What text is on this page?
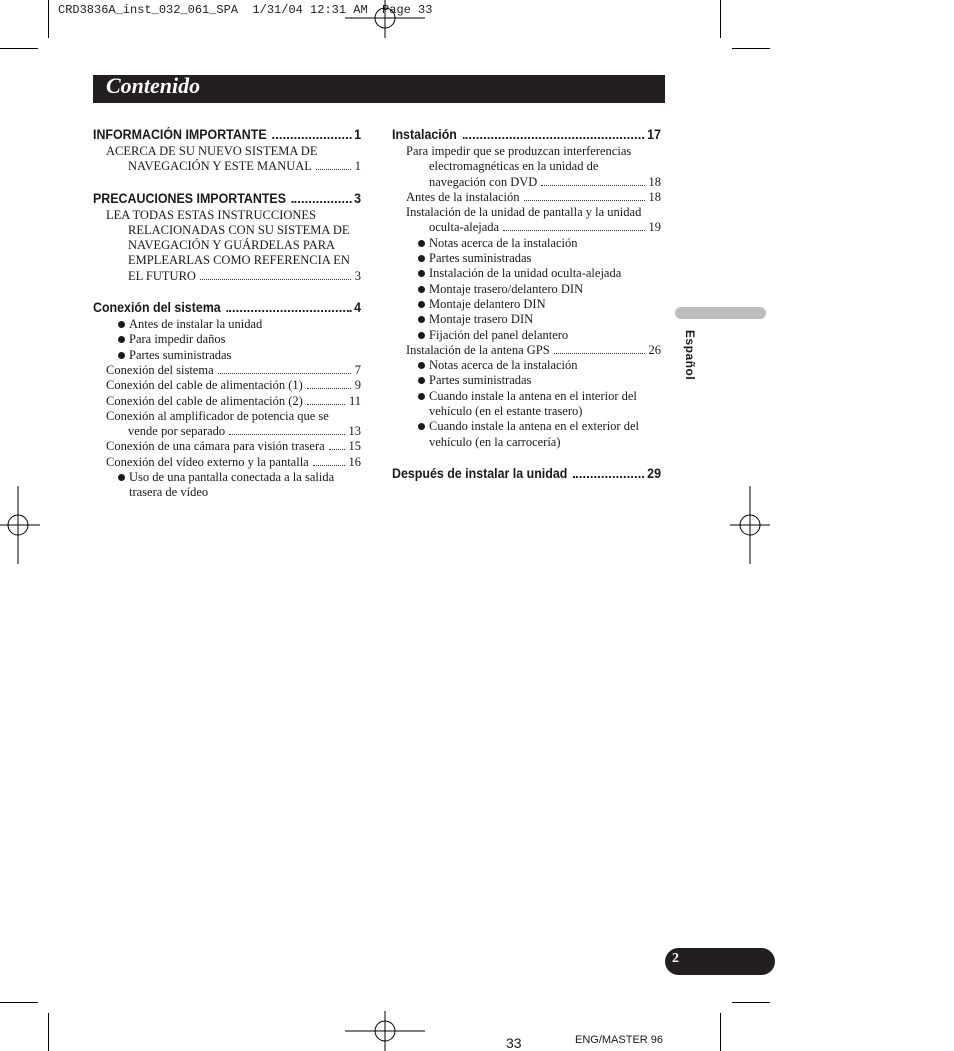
CRD3836A_inst_032_061_SPA  1/31/04 12:31 AM  Page 33
Contenido
INFORMACIÓN IMPORTANTE	1
ACERCA DE SU NUEVO SISTEMA DE
NAVEGACIÓN Y ESTE MANUAL	1
PRECAUCIONES IMPORTANTES	3
LEA TODAS ESTAS INSTRUCCIONES
RELACIONADAS CON SU SISTEMA DE
NAVEGACIÓN Y GUÁRDELAS PARA
EMPLEARLAS COMO REFERENCIA EN
EL FUTURO	3
Conexión del sistema	4
Antes de instalar la unidad
Para impedir daños
Partes suministradas
Conexión del sistema	7
Conexión del cable de alimentación (1)	9
Conexión del cable de alimentación (2)	11
Conexión al amplificador de potencia que se
vende por separado	13
Conexión de una cámara para visión trasera 15
Conexión del vídeo externo y la pantalla	16
Uso de una pantalla conectada a la salida
trasera de vídeo
Instalación	17
Para impedir que se produzcan interferencias
electromagnéticas en la unidad de
navegación con DVD	18
Antes de la instalación	18
Instalación de la unidad de pantalla y la unidad
oculta-alejada	19
Notas acerca de la instalación
Partes suministradas
Instalación de la unidad oculta-alejada
Montaje trasero/delantero DIN
Montaje delantero DIN
Montaje trasero DIN
Fijación del panel delantero
Instalación de la antena GPS	26
Notas acerca de la instalación
Partes suministradas
Cuando instale la antena en el interior del
vehículo (en el estante trasero)
Cuando instale la antena en el exterior del
vehículo (en la carrocería)
Después de instalar la unidad	29
Español
2
33	ENG/MASTER 96
